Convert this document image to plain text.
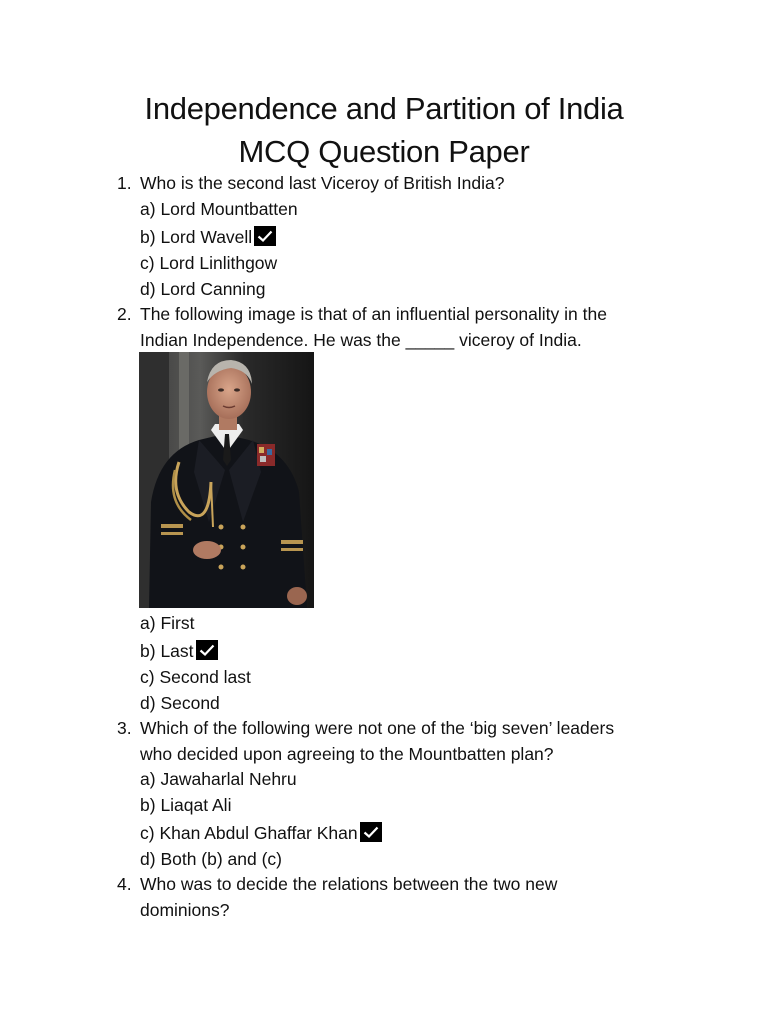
Independence and Partition of India
MCQ Question Paper
1. Who is the second last Viceroy of British India?
a) Lord Mountbatten
b) Lord Wavell
c) Lord Linlithgow
d) Lord Canning
2. The following image is that of an influential personality in the
Indian Independence. He was the _____ viceroy of India.
a) First
b) Last
c) Second last
d) Second
3. Which of the following were not one of the ‘big seven’ leaders
who decided upon agreeing to the Mountbatten plan?
a) Jawaharlal Nehru
b) Liaqat Ali
c) Khan Abdul Ghaffar Khan
d) Both (b) and (c)
4. Who was to decide the relations between the two new
dominions?
